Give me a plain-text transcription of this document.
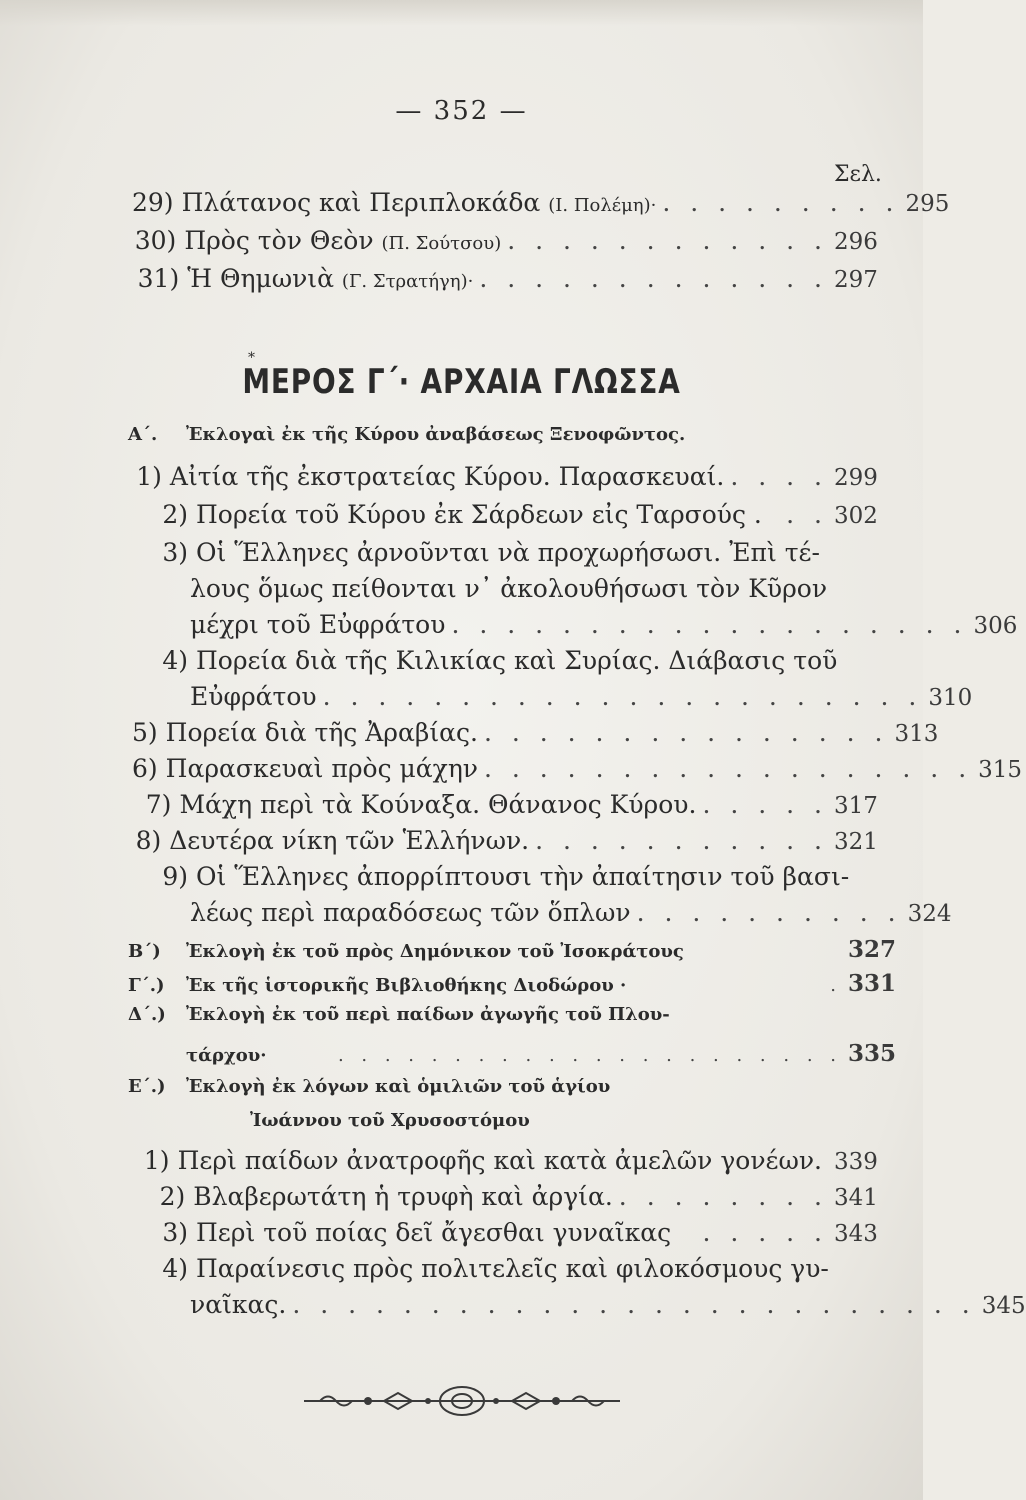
— 352 —
Σελ.
29) Πλάτανος καὶ Περιπλοκάδα (Ι. Πολέμη)· . . . . . . . . . 295
30) Πρὸς τὸν Θεὸν (Π. Σούτσου) . . . . . . . . . . . . 296
31) Ἡ Θημωνιὰ (Γ. Στρατήγη)· . . . . . . . . . . . . . 297
*
ΜΕΡΟΣ Γ΄· ΑΡΧΑΙΑ ΓΛΩΣΣΑ
Α΄.	Ἐκλογαὶ ἐκ τῆς Κύρου ἀναβάσεως Ξενοφῶντος.
1) Αἰτία τῆς ἐκστρατείας Κύρου. Παρασκευαί. . . . . 299
2) Πορεία τοῦ Κύρου ἐκ Σάρδεων εἰς Ταρσούς . . . 302
3) Οἱ Ἕλληνες ἀρνοῦνται νὰ προχωρήσωσι. Ἐπὶ τέ-
λους ὅμως πείθονται ν᾽ ἀκολουθήσωσι τὸν Κῦρον
μέχρι τοῦ Εὐφράτου . . . . . . . . . . . . . . . . . . . 306
4) Πορεία διὰ τῆς Κιλικίας καὶ Συρίας. Διάβασις τοῦ
Εὐφράτου . . . . . . . . . . . . . . . . . . . . . . 310
5) Πορεία διὰ τῆς Ἀραβίας. . . . . . . . . . . . . . . . 313
6) Παρασκευαὶ πρὸς μάχην . . . . . . . . . . . . . . . . . . 315
7) Μάχη περὶ τὰ Κούναξα. Θάνανος Κύρου. . . . . . 317
8) Δευτέρα νίκη τῶν Ἑλλήνων. . . . . . . . . . . . 321
9) Οἱ Ἕλληνες ἀπορρίπτουσι τὴν ἀπαίτησιν τοῦ βασι-
λέως περὶ παραδόσεως τῶν ὅπλων . . . . . . . . . . 324
Β΄)	Ἐκλογὴ ἐκ τοῦ πρὸς Δημόνικον τοῦ Ἰσοκράτους	327
Γ΄.)	Ἐκ τῆς ἱστορικῆς Βιβλιοθήκης Διοδώρου ·	. 331
Δ΄.)	Ἐκλογὴ ἐκ τοῦ περὶ παίδων ἀγωγῆς τοῦ Πλου-
τάρχου·	. . . . . . . . . . . . . . . . . . . . . . 335
Ε΄.)	Ἐκλογὴ ἐκ λόγων καὶ ὁμιλιῶν τοῦ ἁγίου
Ἰωάννου τοῦ Χρυσοστόμου
1) Περὶ παίδων ἀνατροφῆς καὶ κατὰ ἀμελῶν γονέων. 339
2) Βλαβερωτάτη ἡ τρυφὴ καὶ ἀργία. . . . . . . . . 341
3) Περὶ τοῦ ποίας δεῖ ἄγεσθαι γυναῖκας	. . . . . 343
4) Παραίνεσις πρὸς πολιτελεῖς καὶ φιλοκόσμους γυ-
ναῖκας. . . . . . . . . . . . . . . . . . . . . . . . . . 345
